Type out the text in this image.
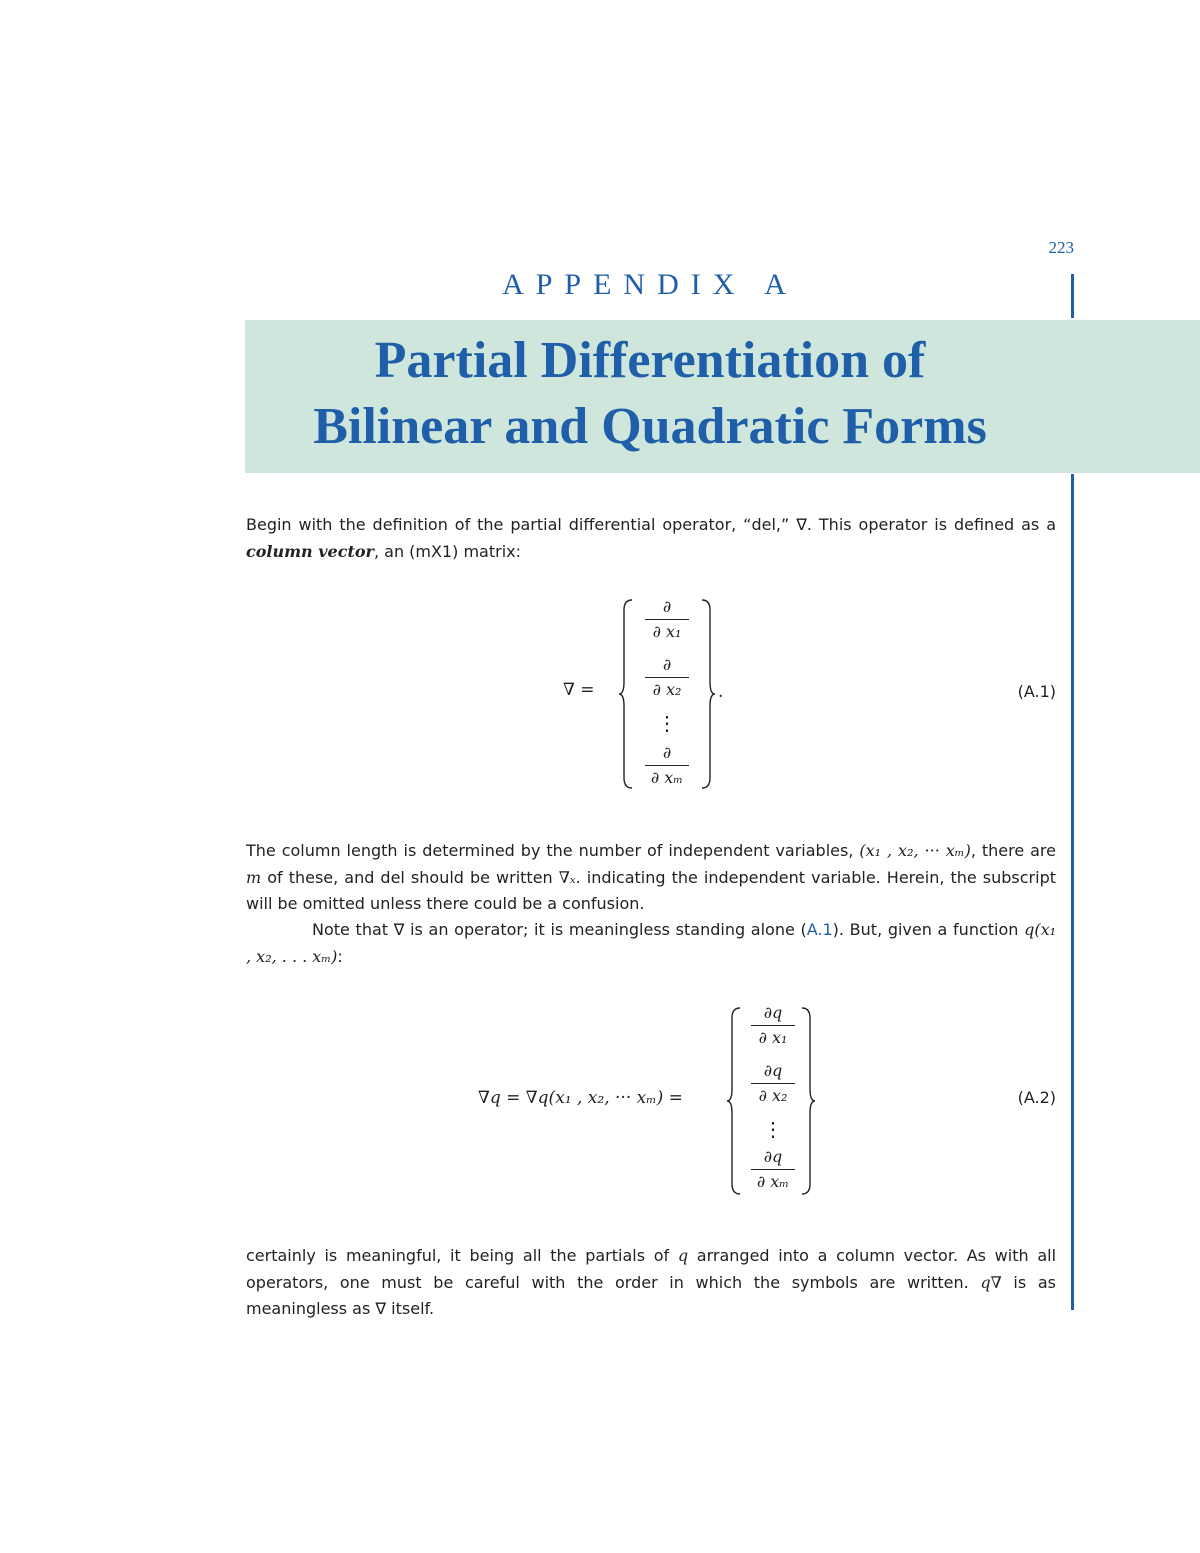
223
APPENDIX A
Partial Differentiation of
Bilinear and Quadratic Forms
Begin with the definition of the partial differential operator, “del,” ∇. This operator is defined as a column vector, an (mX1) matrix:
∇ =
∂
∂ x₁
∂
∂ x₂
⋮
∂
∂ xₘ
.	(A.1)
The column length is determined by the number of independent variables, (x₁ , x₂, ··· xₘ), there are m of these, and del should be written ∇ₓ. indicating the independent variable. Herein, the subscript will be omitted unless there could be a confusion.
Note that ∇ is an operator; it is meaningless standing alone (A.1). But, given a function q(x₁ , x₂, . . . xₘ):
∇q = ∇q(x₁ , x₂, ··· xₘ) =
∂q
∂ x₁
∂q
∂ x₂
⋮
∂q
∂ xₘ
(A.2)
certainly is meaningful, it being all the partials of q arranged into a column vector. As with all operators, one must be careful with the order in which the symbols are written. q∇ is as meaningless as ∇ itself.
